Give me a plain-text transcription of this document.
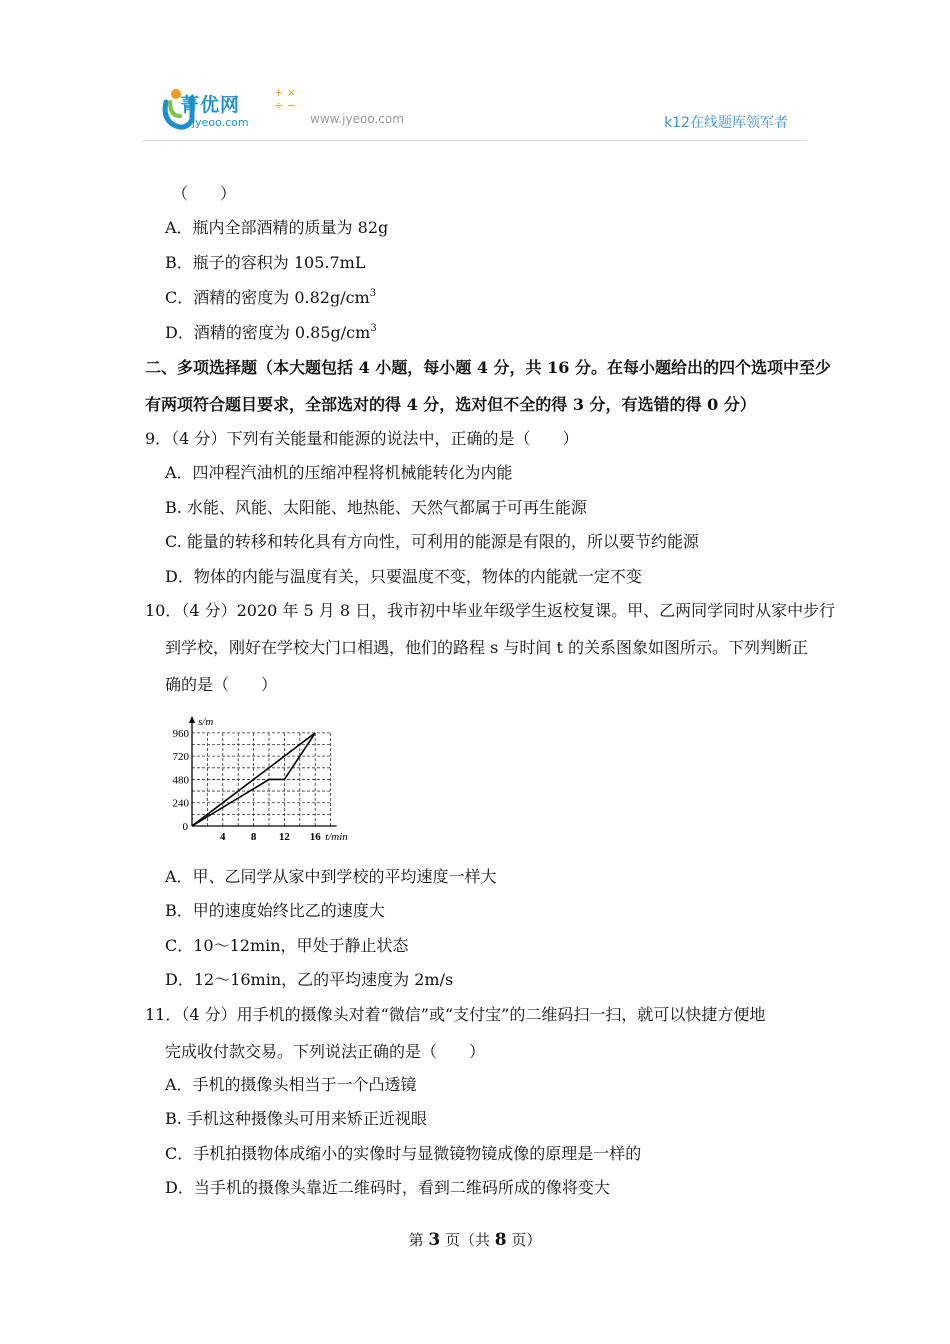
菁优网
jyeoo.com
+ ×
÷ −
www.jyeoo.com	k12在线题库领军者
（　　）
A．瓶内全部酒精的质量为 82g
B．瓶子的容积为 105.7mL
C．酒精的密度为 $0.82g/cm^3$
D．酒精的密度为 $0.85g/cm^3$
二、多项选择题（本大题包括 4 小题，每小题 4 分，共 16 分。在每小题给出的四个选项中至少
有两项符合题目要求，全部选对的得 4 分，选对但不全的得 3 分，有选错的得 0 分）
9．（4 分）下列有关能量和能源的说法中，正确的是（　　）
A．四冲程汽油机的压缩冲程将机械能转化为内能
B. 水能、风能、太阳能、地热能、天然气都属于可再生能源
C. 能量的转移和转化具有方向性，可利用的能源是有限的，所以要节约能源
D．物体的内能与温度有关，只要温度不变，物体的内能就一定不变
10．（4 分）2020 年 5 月 8 日，我市初中毕业年级学生返校复课。甲、乙两同学同时从家中步行
到学校，刚好在学校大门口相遇，他们的路程 s 与时间 t 的关系图象如图所示。下列判断正
确的是（　　）
240
480
720
960
4 8 12 16
0
s/m
t/min
A．甲、乙同学从家中到学校的平均速度一样大
B．甲的速度始终比乙的速度大
C．10～12min，甲处于静止状态
D．12～16min，乙的平均速度为 2m/s
11．（4 分）用手机的摄像头对着“微信”或“支付宝”的二维码扫一扫，就可以快捷方便地
完成收付款交易。下列说法正确的是（　　）
A．手机的摄像头相当于一个凸透镜
B. 手机这种摄像头可用来矫正近视眼
C．手机拍摄物体成缩小的实像时与显微镜物镜成像的原理是一样的
D．当手机的摄像头靠近二维码时，看到二维码所成的像将变大
第 3 页（共 8 页）
